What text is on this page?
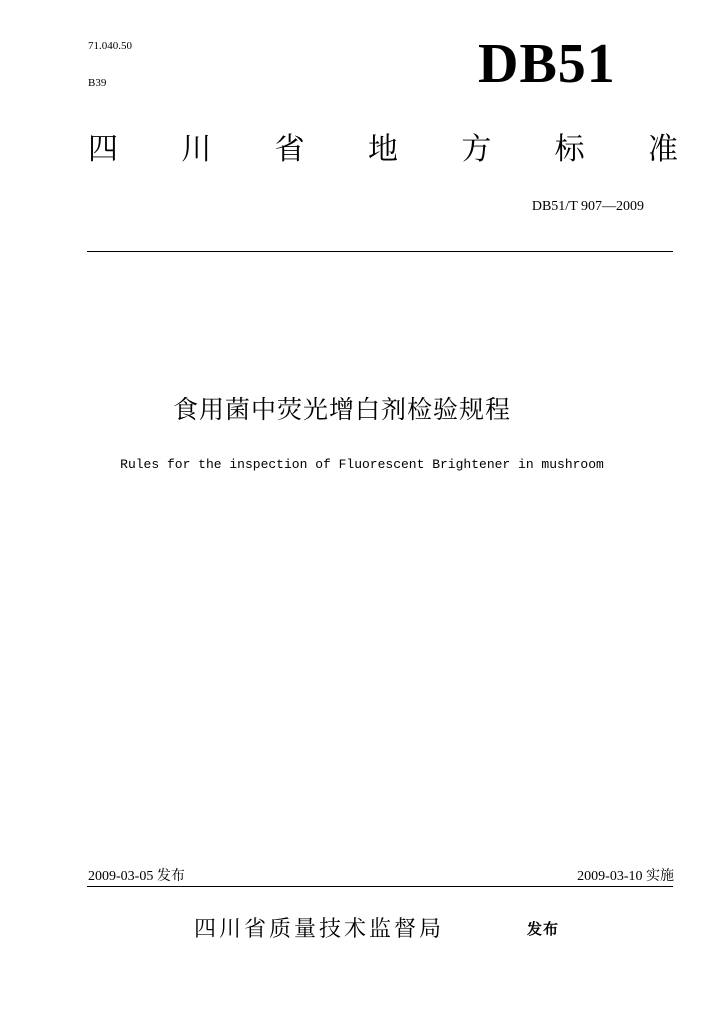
71.040.50
B39	DB51
四 川 省 地 方 标 准
DB51/T 907—2009
食用菌中荧光增白剂检验规程
Rules for the inspection of Fluorescent Brightener in mushroom
2009-03-05 发布	2009-03-10 实施
四川省质量技术监督局	发布
